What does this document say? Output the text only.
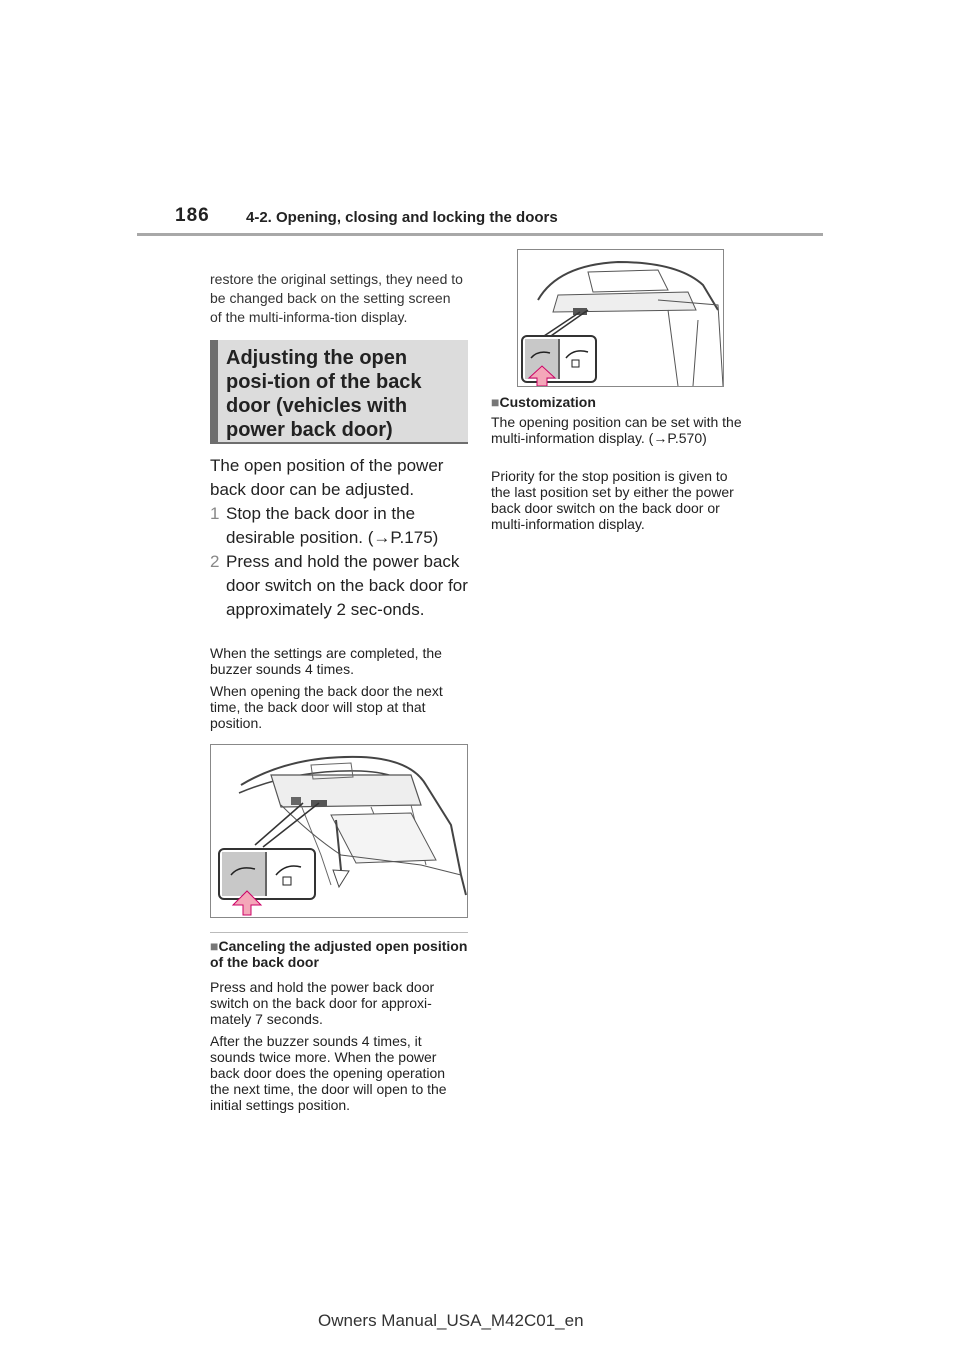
186 4-2. Opening, closing and locking the doors
restore the original settings, they need to be changed back on the setting screen of the multi-informa-tion display.
Adjusting the open posi-tion of the back door (vehicles with power back door)
The open position of the power back door can be adjusted.
1 Stop the back door in the desirable position. (→P.175)
2 Press and hold the power back door switch on the back door for approximately 2 sec-onds.
When the settings are completed, the buzzer sounds 4 times.
When opening the back door the next time, the back door will stop at that position.
■Canceling the adjusted open position of the back door
Press and hold the power back door switch on the back door for approxi-mately 7 seconds.
After the buzzer sounds 4 times, it sounds twice more. When the power back door does the opening operation the next time, the door will open to the initial settings position.
■Customization
The opening position can be set with the multi-information display. (→P.570)
Priority for the stop position is given to the last position set by either the power back door switch on the back door or multi-information display.
Owners Manual_USA_M42C01_en
